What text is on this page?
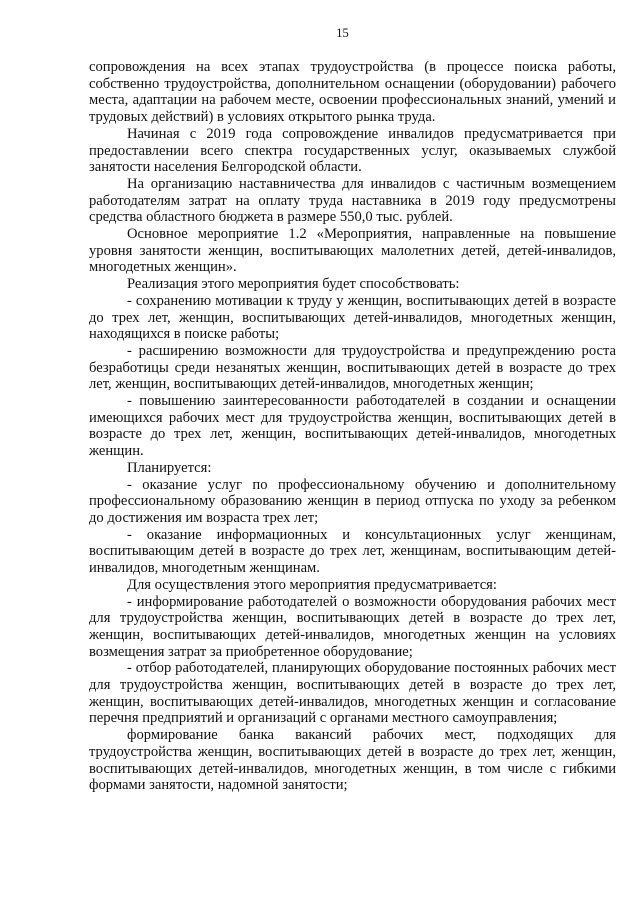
15

сопровождения на всех этапах трудоустройства (в процессе поиска работы, собственно трудоустройства, дополнительном оснащении (оборудовании) рабочего места, адаптации на рабочем месте, освоении профессиональных знаний, умений и трудовых действий) в условиях открытого рынка труда.

Начиная с 2019 года сопровождение инвалидов предусматривается при предоставлении всего спектра государственных услуг, оказываемых службой занятости населения Белгородской области.

На организацию наставничества для инвалидов с частичным возмещением работодателям затрат на оплату труда наставника в 2019 году предусмотрены средства областного бюджета в размере 550,0 тыс. рублей.

Основное мероприятие 1.2 «Мероприятия, направленные на повышение уровня занятости женщин, воспитывающих малолетних детей, детей-инвалидов, многодетных женщин».

Реализация этого мероприятия будет способствовать:

- сохранению мотивации к труду у женщин, воспитывающих детей в возрасте до трех лет, женщин, воспитывающих детей-инвалидов, многодетных женщин, находящихся в поиске работы;

- расширению возможности для трудоустройства и предупреждению роста безработицы среди незанятых женщин, воспитывающих детей в возрасте до трех лет, женщин, воспитывающих детей-инвалидов, многодетных женщин;

- повышению заинтересованности работодателей в создании и оснащении имеющихся рабочих мест для трудоустройства женщин, воспитывающих детей в возрасте до трех лет, женщин, воспитывающих детей-инвалидов, многодетных женщин.

Планируется:

- оказание услуг по профессиональному обучению и дополнительному профессиональному образованию женщин в период отпуска по уходу за ребенком до достижения им возраста трех лет;

- оказание информационных и консультационных услуг женщинам, воспитывающим детей в возрасте до трех лет, женщинам, воспитывающим детей-инвалидов, многодетным женщинам.

Для осуществления этого мероприятия предусматривается:

- информирование работодателей о возможности оборудования рабочих мест для трудоустройства женщин, воспитывающих детей в возрасте до трех лет, женщин, воспитывающих детей-инвалидов, многодетных женщин на условиях возмещения затрат за приобретенное оборудование;

- отбор работодателей, планирующих оборудование постоянных рабочих мест для трудоустройства женщин, воспитывающих детей в возрасте до трех лет, женщин, воспитывающих детей-инвалидов, многодетных женщин и согласование перечня предприятий и организаций с органами местного самоуправления;

формирование банка вакансий рабочих мест, подходящих для трудоустройства женщин, воспитывающих детей в возрасте до трех лет, женщин, воспитывающих детей-инвалидов, многодетных женщин, в том числе с гибкими формами занятости, надомной занятости;
